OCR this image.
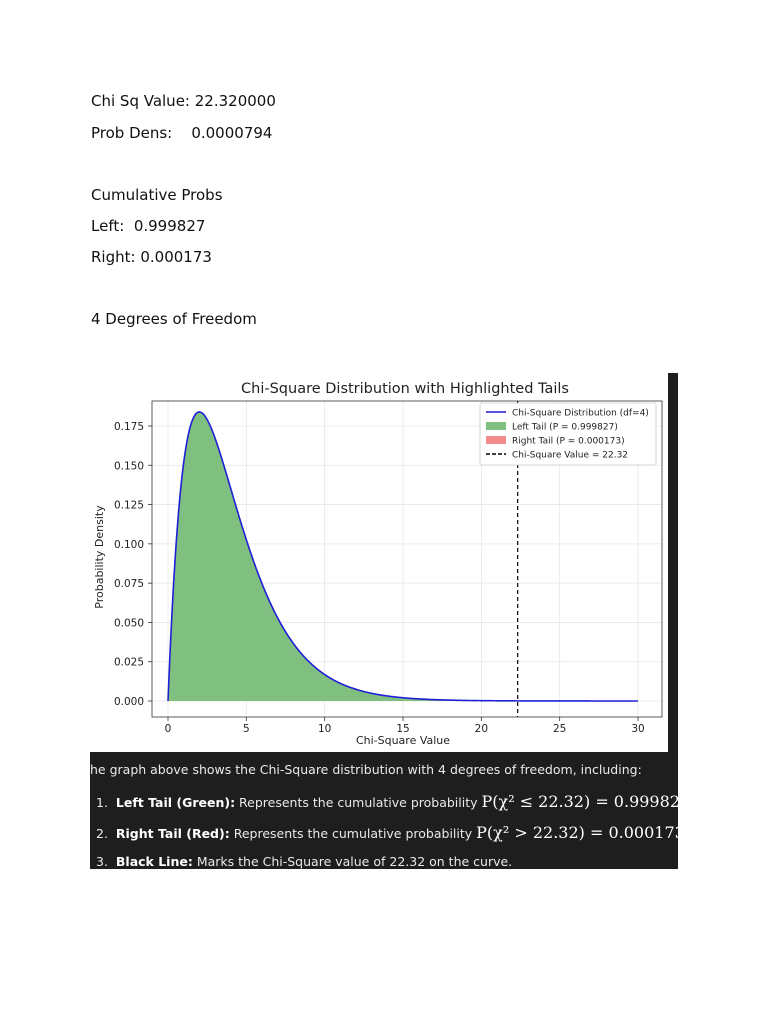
Chi Sq Value: 22.320000

Prob Dens: 0.0000794

Cumulative Probs

Left: 0.999827

Right: 0.000173

4 Degrees of Freedom

Chi-Square Distribution with Highlighted Tails
0	5	10	15	20	25	30
0.000
0.025
0.050
0.075
0.100
0.125
0.150
0.175
Chi-Square Value
Probability Density
Chi-Square Distribution (df=4)
Left Tail (P = 0.999827)
Right Tail (P = 0.000173)
Chi-Square Value = 22.32
he graph above shows the Chi-Square distribution with 4 degrees of freedom, including:
1. Left Tail (Green): Represents the cumulative probability P(χ² ≤ 22.32) = 0.999827.
2. Right Tail (Red): Represents the cumulative probability P(χ² > 22.32) = 0.000173.
3. Black Line: Marks the Chi-Square value of 22.32 on the curve.
